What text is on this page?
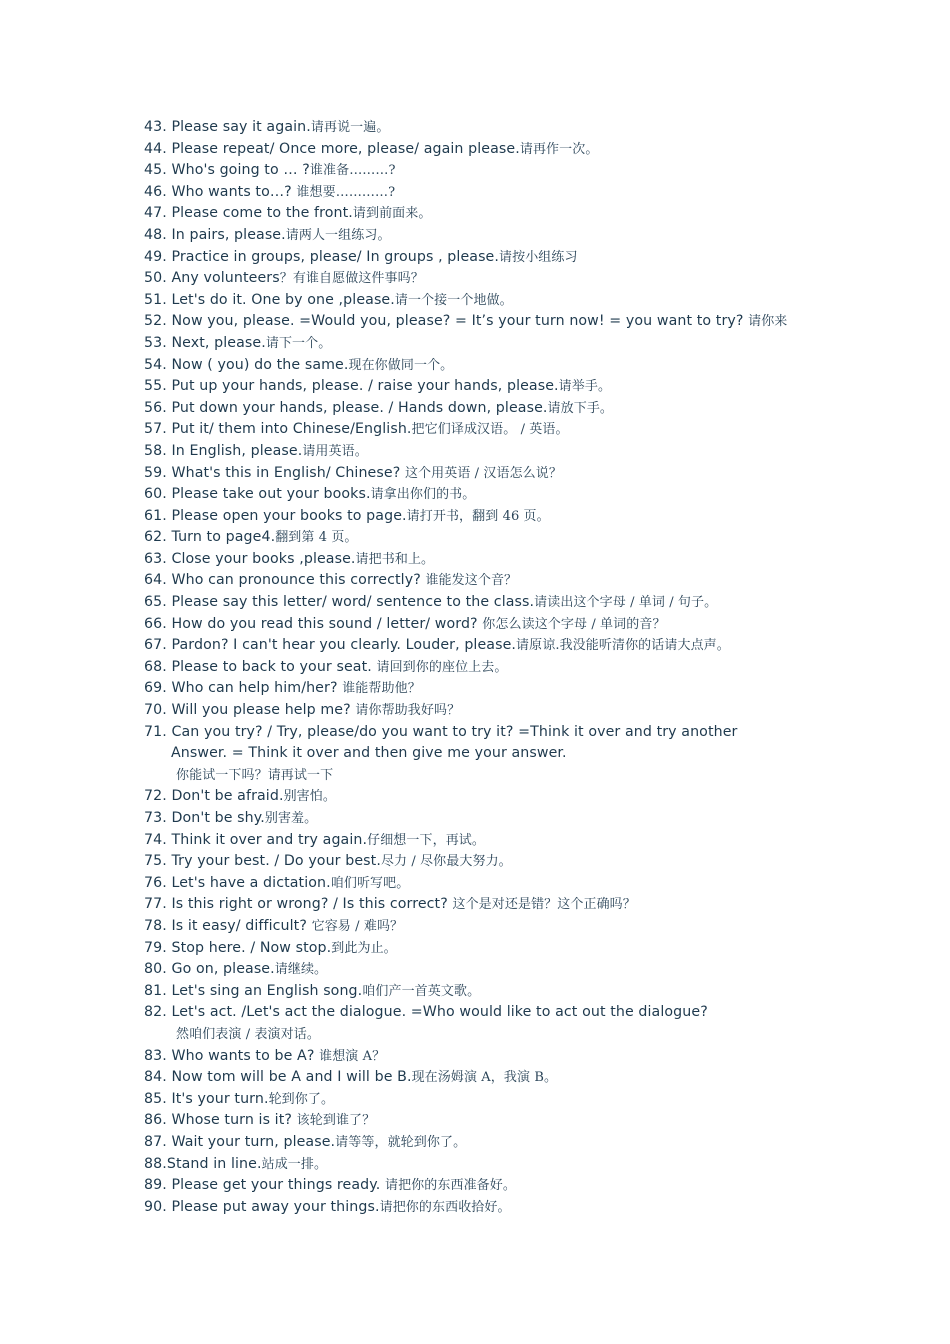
43. Please say it again.请再说一遍。
44. Please repeat/ Once more, please/ again please.请再作一次。
45. Who's going to … ?谁准备………?
46. Who wants to…? 谁想要…………?
47. Please come to the front.请到前面来。
48. In pairs, please.请两人一组练习。
49. Practice in groups, please/ In groups , please.请按小组练习
50. Any volunteers？有谁自愿做这件事吗？
51. Let's do it. One by one ,please.请一个接一个地做。
52. Now you, please. =Would you, please? = It’s your turn now! = you want to try? 请你来
53. Next, please.请下一个。
54. Now ( you) do the same.现在你做同一个。
55. Put up your hands, please. / raise your hands, please.请举手。
56. Put down your hands, please. / Hands down, please.请放下手。
57. Put it/ them into Chinese/English.把它们译成汉语。 / 英语。
58. In English, please.请用英语。
59. What's this in English/ Chinese? 这个用英语 / 汉语怎么说？
60. Please take out your books.请拿出你们的书。
61. Please open your books to page.请打开书，翻到 46 页。
62. Turn to page4.翻到第 4 页。
63. Close your books ,please.请把书和上。
64. Who can pronounce this correctly? 谁能发这个音？
65. Please say this letter/ word/ sentence to the class.请读出这个字母 / 单词 / 句子。
66. How do you read this sound / letter/ word? 你怎么读这个字母 / 单词的音？
67. Pardon? I can't hear you clearly. Louder, please.请原谅.我没能听清你的话请大点声。
68. Please to back to your seat. 请回到你的座位上去。
69. Who can help him/her? 谁能帮助他？
70. Will you please help me? 请你帮助我好吗？
71. Can you try? / Try, please/do you want to try it? =Think it over and try another
Answer. = Think it over and then give me your answer.
你能试一下吗？请再试一下
72. Don't be afraid.别害怕。
73. Don't be shy.别害羞。
74. Think it over and try again.仔细想一下，再试。
75. Try your best. / Do your best.尽力 / 尽你最大努力。
76. Let's have a dictation.咱们听写吧。
77. Is this right or wrong? / Is this correct? 这个是对还是错？这个正确吗？
78. Is it easy/ difficult? 它容易 / 难吗？
79. Stop here. / Now stop.到此为止。
80. Go on, please.请继续。
81. Let's sing an English song.咱们产一首英文歌。
82. Let's act. /Let's act the dialogue. =Who would like to act out the dialogue?
然咱们表演 / 表演对话。
83. Who wants to be A? 谁想演 A？
84. Now tom will be A and I will be B.现在汤姆演 A，我演 B。
85. It's your turn.轮到你了。
86. Whose turn is it? 该轮到谁了？
87. Wait your turn, please.请等等，就轮到你了。
88.Stand in line.站成一排。
89. Please get your things ready. 请把你的东西准备好。
90. Please put away your things.请把你的东西收拾好。
